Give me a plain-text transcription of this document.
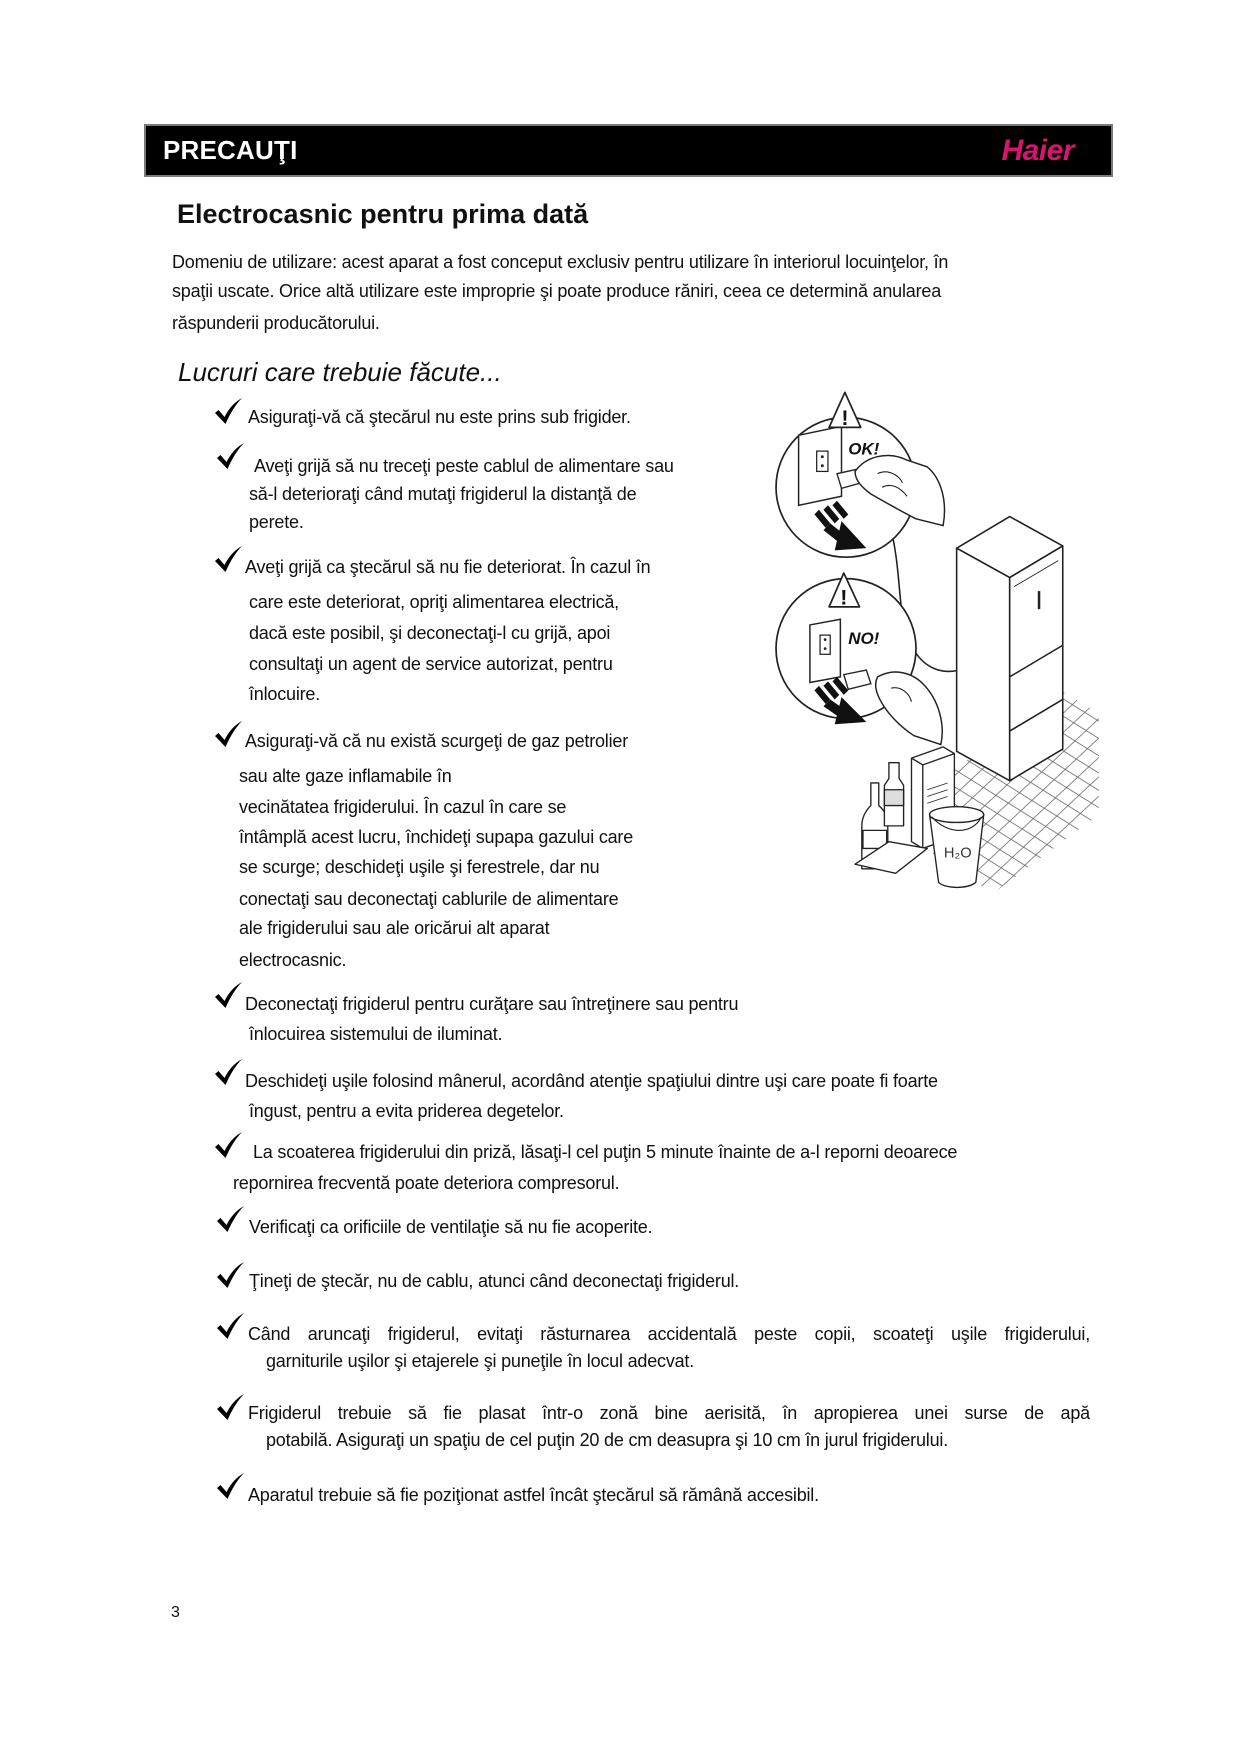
PRECAUŢI	Haier
Electrocasnic pentru prima dată
Domeniu de utilizare: acest aparat a fost conceput exclusiv pentru utilizare în interiorul locuinţelor, în
spaţii uscate. Orice altă utilizare este improprie şi poate produce răniri, ceea ce determină anularea
răspunderii producătorului.
Lucruri care trebuie făcute...
Asiguraţi-vă că ştecărul nu este prins sub frigider.
Aveţi grijă să nu treceţi peste cablul de alimentare sau
să-l deterioraţi când mutaţi frigiderul la distanţă de
perete.
Aveţi grijă ca ştecărul să nu fie deteriorat. În cazul în
care este deteriorat, opriţi alimentarea electrică,
dacă este posibil, şi deconectaţi-l cu grijă, apoi
consultaţi un agent de service autorizat, pentru
înlocuire.
Asiguraţi-vă că nu există scurgeţi de gaz petrolier
sau alte gaze inflamabile în
vecinătatea frigiderului. În cazul în care se
întâmplă acest lucru, închideţi supapa gazului care
se scurge; deschideţi uşile şi ferestrele, dar nu
conectaţi sau deconectaţi cablurile de alimentare
ale frigiderului sau ale oricărui alt aparat
electrocasnic.
Deconectaţi frigiderul pentru curăţare sau întreţinere sau pentru
înlocuirea sistemului de iluminat.
Deschideţi uşile folosind mânerul, acordând atenţie spaţiului dintre uşi care poate fi foarte
îngust, pentru a evita priderea degetelor.
La scoaterea frigiderului din priză, lăsaţi-l cel puţin 5 minute înainte de a-l reporni deoarece
repornirea frecventă poate deteriora compresorul.
Verificaţi ca orificiile de ventilaţie să nu fie acoperite.
Ţineţi de ştecăr, nu de cablu, atunci când deconectaţi frigiderul.
Când aruncaţi frigiderul, evitaţi răsturnarea accidentală peste copii, scoateţi uşile frigiderului,
garniturile uşilor şi etajerele şi puneţile în locul adecvat.
Frigiderul trebuie să fie plasat într-o zonă bine aerisită, în apropierea unei surse de apă
potabilă. Asiguraţi un spaţiu de cel puţin 20 de cm deasupra şi 10 cm în jurul frigiderului.
Aparatul trebuie să fie poziţionat astfel încât ştecărul să rămână accesibil.
3
OK!
!
NO!
!
H₂O
